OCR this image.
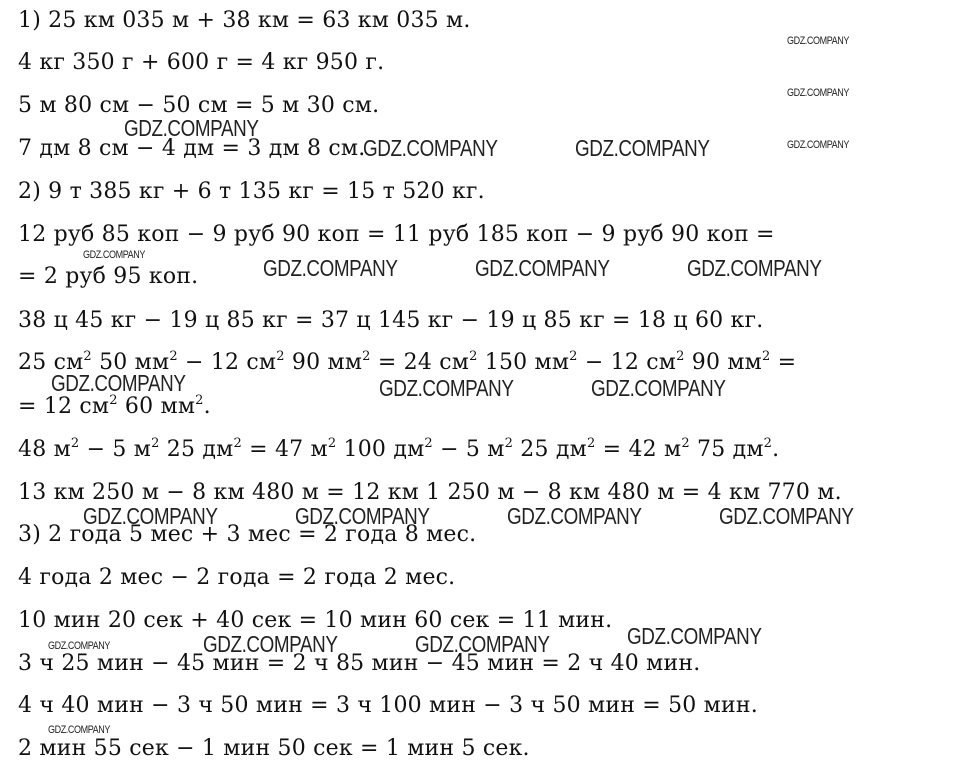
1) 25 км 035 м + 38 км = 63 км 035 м.
4 кг 350 г + 600 г = 4 кг 950 г.
5 м 80 см − 50 см = 5 м 30 см.
7 дм 8 см − 4 дм = 3 дм 8 см.
2) 9 т 385 кг + 6 т 135 кг = 15 т 520 кг.
12 руб 85 коп − 9 руб 90 коп = 11 руб 185 коп − 9 руб 90 коп =
= 2 руб 95 коп.
38 ц 45 кг − 19 ц 85 кг = 37 ц 145 кг − 19 ц 85 кг = 18 ц 60 кг.
25 $см^2$ 50 $мм^2 - 12$ $см^2$ 90 $мм^2 = 24$ $см^2$ 150 $мм^2 - 12$ $см^2$ 90 $мм^2$ =
= 12 $см^2$ 60 $мм^2$.
48 $м^2 - 5$ $м^2$ 25 $дм^2 = 47$ $м^2$ 100 $дм^2 - 5$ $м^2$ 25 $дм^2 = 42$ $м^2$ 75 $дм^2$.
13 км 250 м − 8 км 480 м = 12 км 1 250 м − 8 км 480 м = 4 км 770 м.
3) 2 года 5 мес + 3 мес = 2 года 8 мес.
4 года 2 мес − 2 года = 2 года 2 мес.
10 мин 20 сек + 40 сек = 10 мин 60 сек = 11 мин.
3 ч 25 мин − 45 мин = 2 ч 85 мин − 45 мин = 2 ч 40 мин.
4 ч 40 мин − 3 ч 50 мин = 3 ч 100 мин − 3 ч 50 мин = 50 мин.
2 мин 55 сек − 1 мин 50 сек = 1 мин 5 сек.
GDZ.COMPANY
GDZ.COMPANY
GDZ.COMPANY
GDZ.COMPANY
GDZ.COMPANY	GDZ.COMPANY
GDZ.COMPANY	GDZ.COMPANY	GDZ.COMPANY	GDZ.COMPANY
GDZ.COMPANY	GDZ.COMPANY	GDZ.COMPANY
GDZ.COMPANY	GDZ.COMPANY	GDZ.COMPANY	GDZ.COMPANY
GDZ.COMPANY	GDZ.COMPANY	GDZ.COMPANY	GDZ.COMPANY
GDZ.COMPANY
